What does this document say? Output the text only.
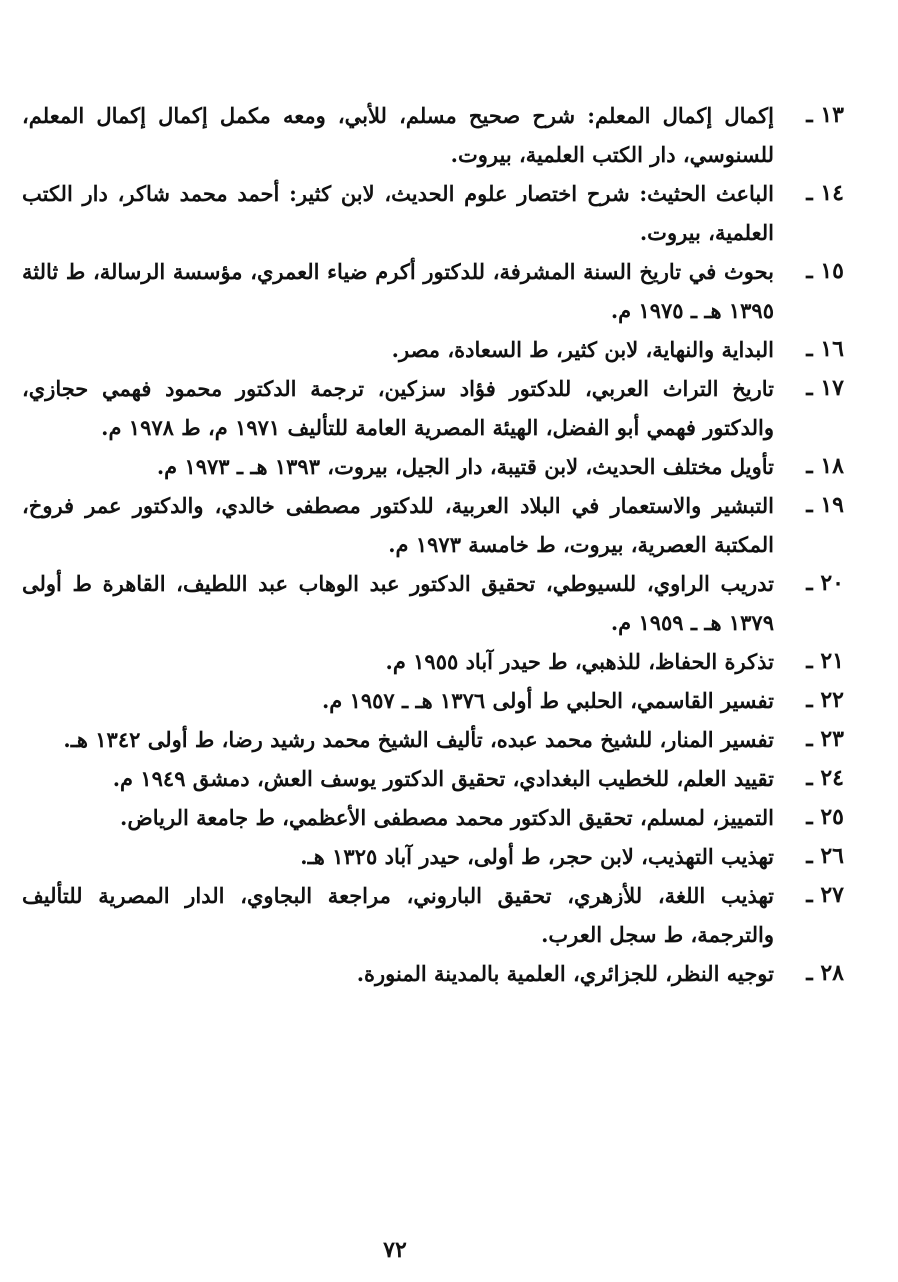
١٣ ـ
إكمال إكمال المعلم: شرح صحيح مسلم، للأبي، ومعه مكمل إكمال إكمال المعلم، للسنوسي، دار الكتب العلمية، بيروت.
١٤ ـ
الباعث الحثيث: شرح اختصار علوم الحديث، لابن كثير: أحمد محمد شاكر، دار الكتب العلمية، بيروت.
١٥ ـ
بحوث في تاريخ السنة المشرفة، للدكتور أكرم ضياء العمري، مؤسسة الرسالة، ط ثالثة ١٣٩٥ هـ ـ ١٩٧٥ م.
١٦ ـ
البداية والنهاية، لابن كثير، ط السعادة، مصر.
١٧ ـ
تاريخ التراث العربي، للدكتور فؤاد سزكين، ترجمة الدكتور محمود فهمي حجازي، والدكتور فهمي أبو الفضل، الهيئة المصرية العامة للتأليف ١٩٧١ م، ط ١٩٧٨ م.
١٨ ـ
تأويل مختلف الحديث، لابن قتيبة، دار الجيل، بيروت، ١٣٩٣ هـ ـ ١٩٧٣ م.
١٩ ـ
التبشير والاستعمار في البلاد العربية، للدكتور مصطفى خالدي، والدكتور عمر فروخ، المكتبة العصرية، بيروت، ط خامسة ١٩٧٣ م.
٢٠ ـ
تدريب الراوي، للسيوطي، تحقيق الدكتور عبد الوهاب عبد اللطيف، القاهرة ط أولى ١٣٧٩ هـ ـ ١٩٥٩ م.
٢١ ـ
تذكرة الحفاظ، للذهبي، ط حيدر آباد ١٩٥٥ م.
٢٢ ـ
تفسير القاسمي، الحلبي ط أولى ١٣٧٦ هـ ـ ١٩٥٧ م.
٢٣ ـ
تفسير المنار، للشيخ محمد عبده، تأليف الشيخ محمد رشيد رضا، ط أولى ١٣٤٢ هـ.
٢٤ ـ
تقييد العلم، للخطيب البغدادي، تحقيق الدكتور يوسف العش، دمشق ١٩٤٩ م.
٢٥ ـ
التمييز، لمسلم، تحقيق الدكتور محمد مصطفى الأعظمي، ط جامعة الرياض.
٢٦ ـ
تهذيب التهذيب، لابن حجر، ط أولى، حيدر آباد ١٣٢٥ هـ.
٢٧ ـ
تهذيب اللغة، للأزهري، تحقيق الباروني، مراجعة البجاوي، الدار المصرية للتأليف والترجمة، ط سجل العرب.
٢٨ ـ
توجيه النظر، للجزائري، العلمية بالمدينة المنورة.
٧٢
